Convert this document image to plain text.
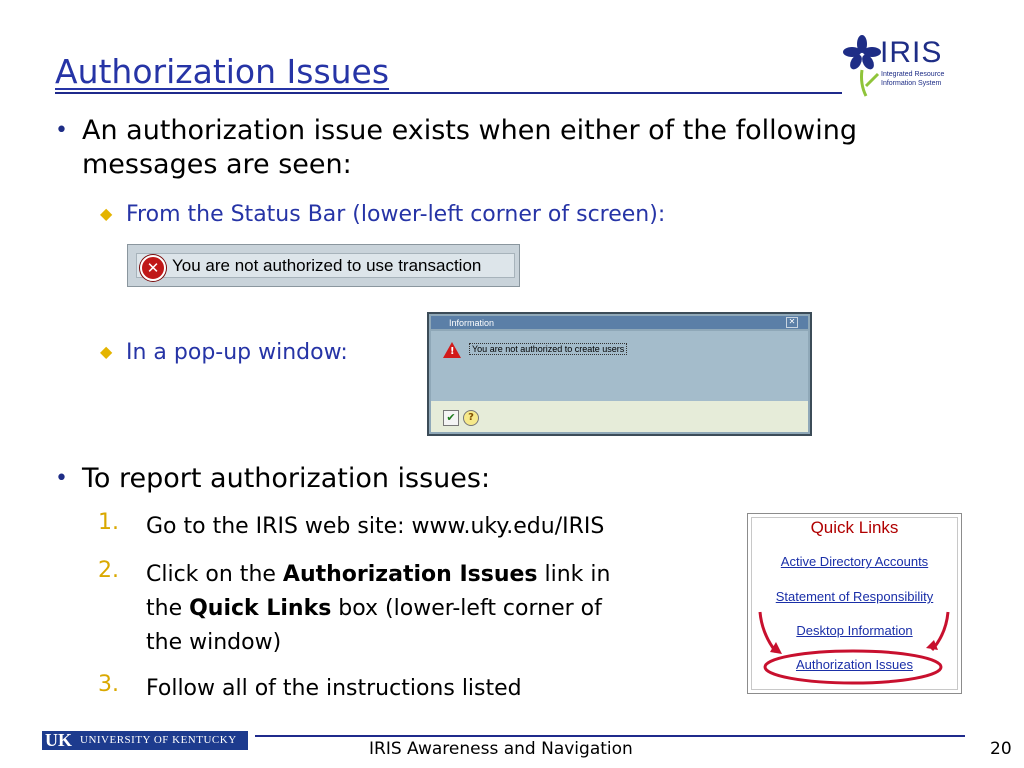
Authorization Issues	IRIS
Integrated Resource
Information System
• An authorization issue exists when either of the following
messages are seen:
◆ From the Status Bar (lower-left corner of screen):
✕ You are not authorized to use transaction
◆ In a pop-up window:
Information	✕
!	You are not authorized to create users
✔	?
• To report authorization issues:
1. Go to the IRIS web site: www.uky.edu/IRIS
2. Click on the Authorization Issues link in
the Quick Links box (lower-left corner of
the window)
3. Follow all of the instructions listed
Quick Links
Active Directory Accounts
Statement of Responsibility
Desktop Information
Authorization Issues
UK UNIVERSITY OF KENTUCKY	IRIS Awareness and Navigation	20
